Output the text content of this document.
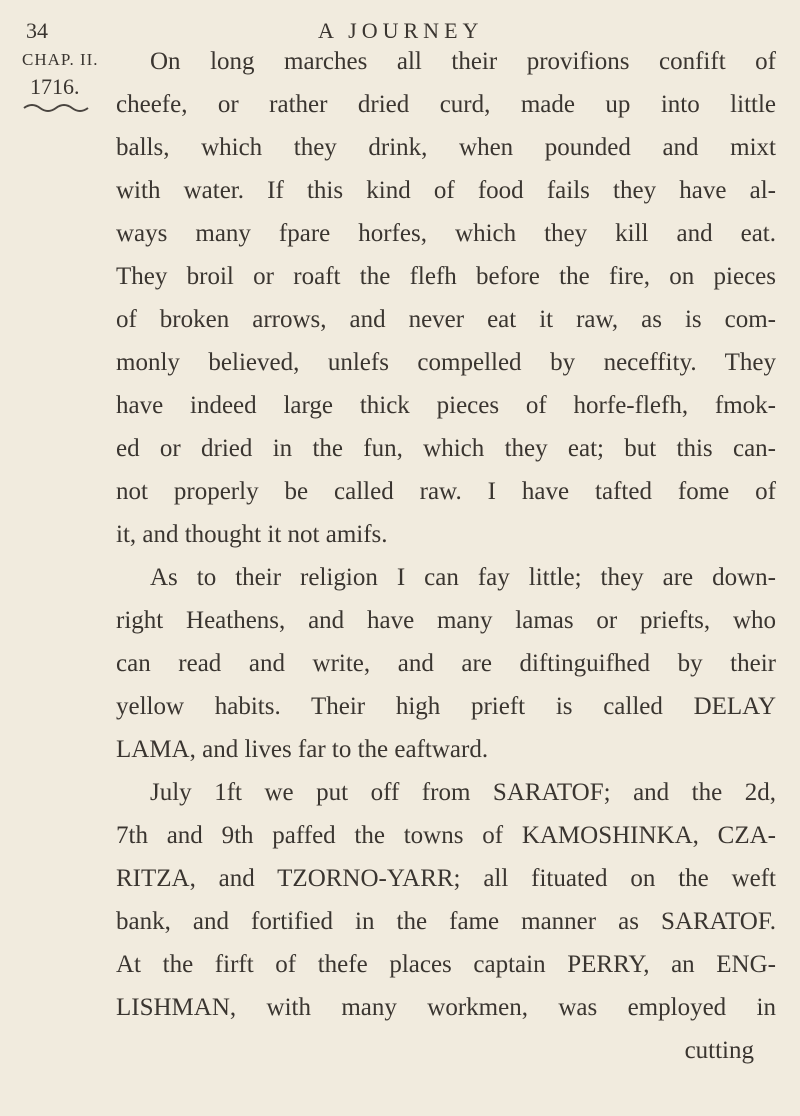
34	A JOURNEY
CHAP. II.
1716.
On long marches all their provifions confift of
cheefe, or rather dried curd, made up into little
balls, which they drink, when pounded and mixt
with water. If this kind of food fails they have al-
ways many fpare horfes, which they kill and eat.
They broil or roaft the flefh before the fire, on pieces
of broken arrows, and never eat it raw, as is com-
monly believed, unlefs compelled by neceffity. They
have indeed large thick pieces of horfe-flefh, fmok-
ed or dried in the fun, which they eat; but this can-
not properly be called raw. I have tafted fome of
it, and thought it not amifs.
As to their religion I can fay little; they are down-
right Heathens, and have many lamas or priefts, who
can read and write, and are diftinguifhed by their
yellow habits. Their high prieft is called DELAY
LAMA, and lives far to the eaftward.
July 1ft we put off from SARATOF; and the 2d,
7th and 9th paffed the towns of KAMOSHINKA, CZA-
RITZA, and TZORNO-YARR; all fituated on the weft
bank, and fortified in the fame manner as SARATOF.
At the firft of thefe places captain PERRY, an ENG-
LISHMAN, with many workmen, was employed in
cutting
